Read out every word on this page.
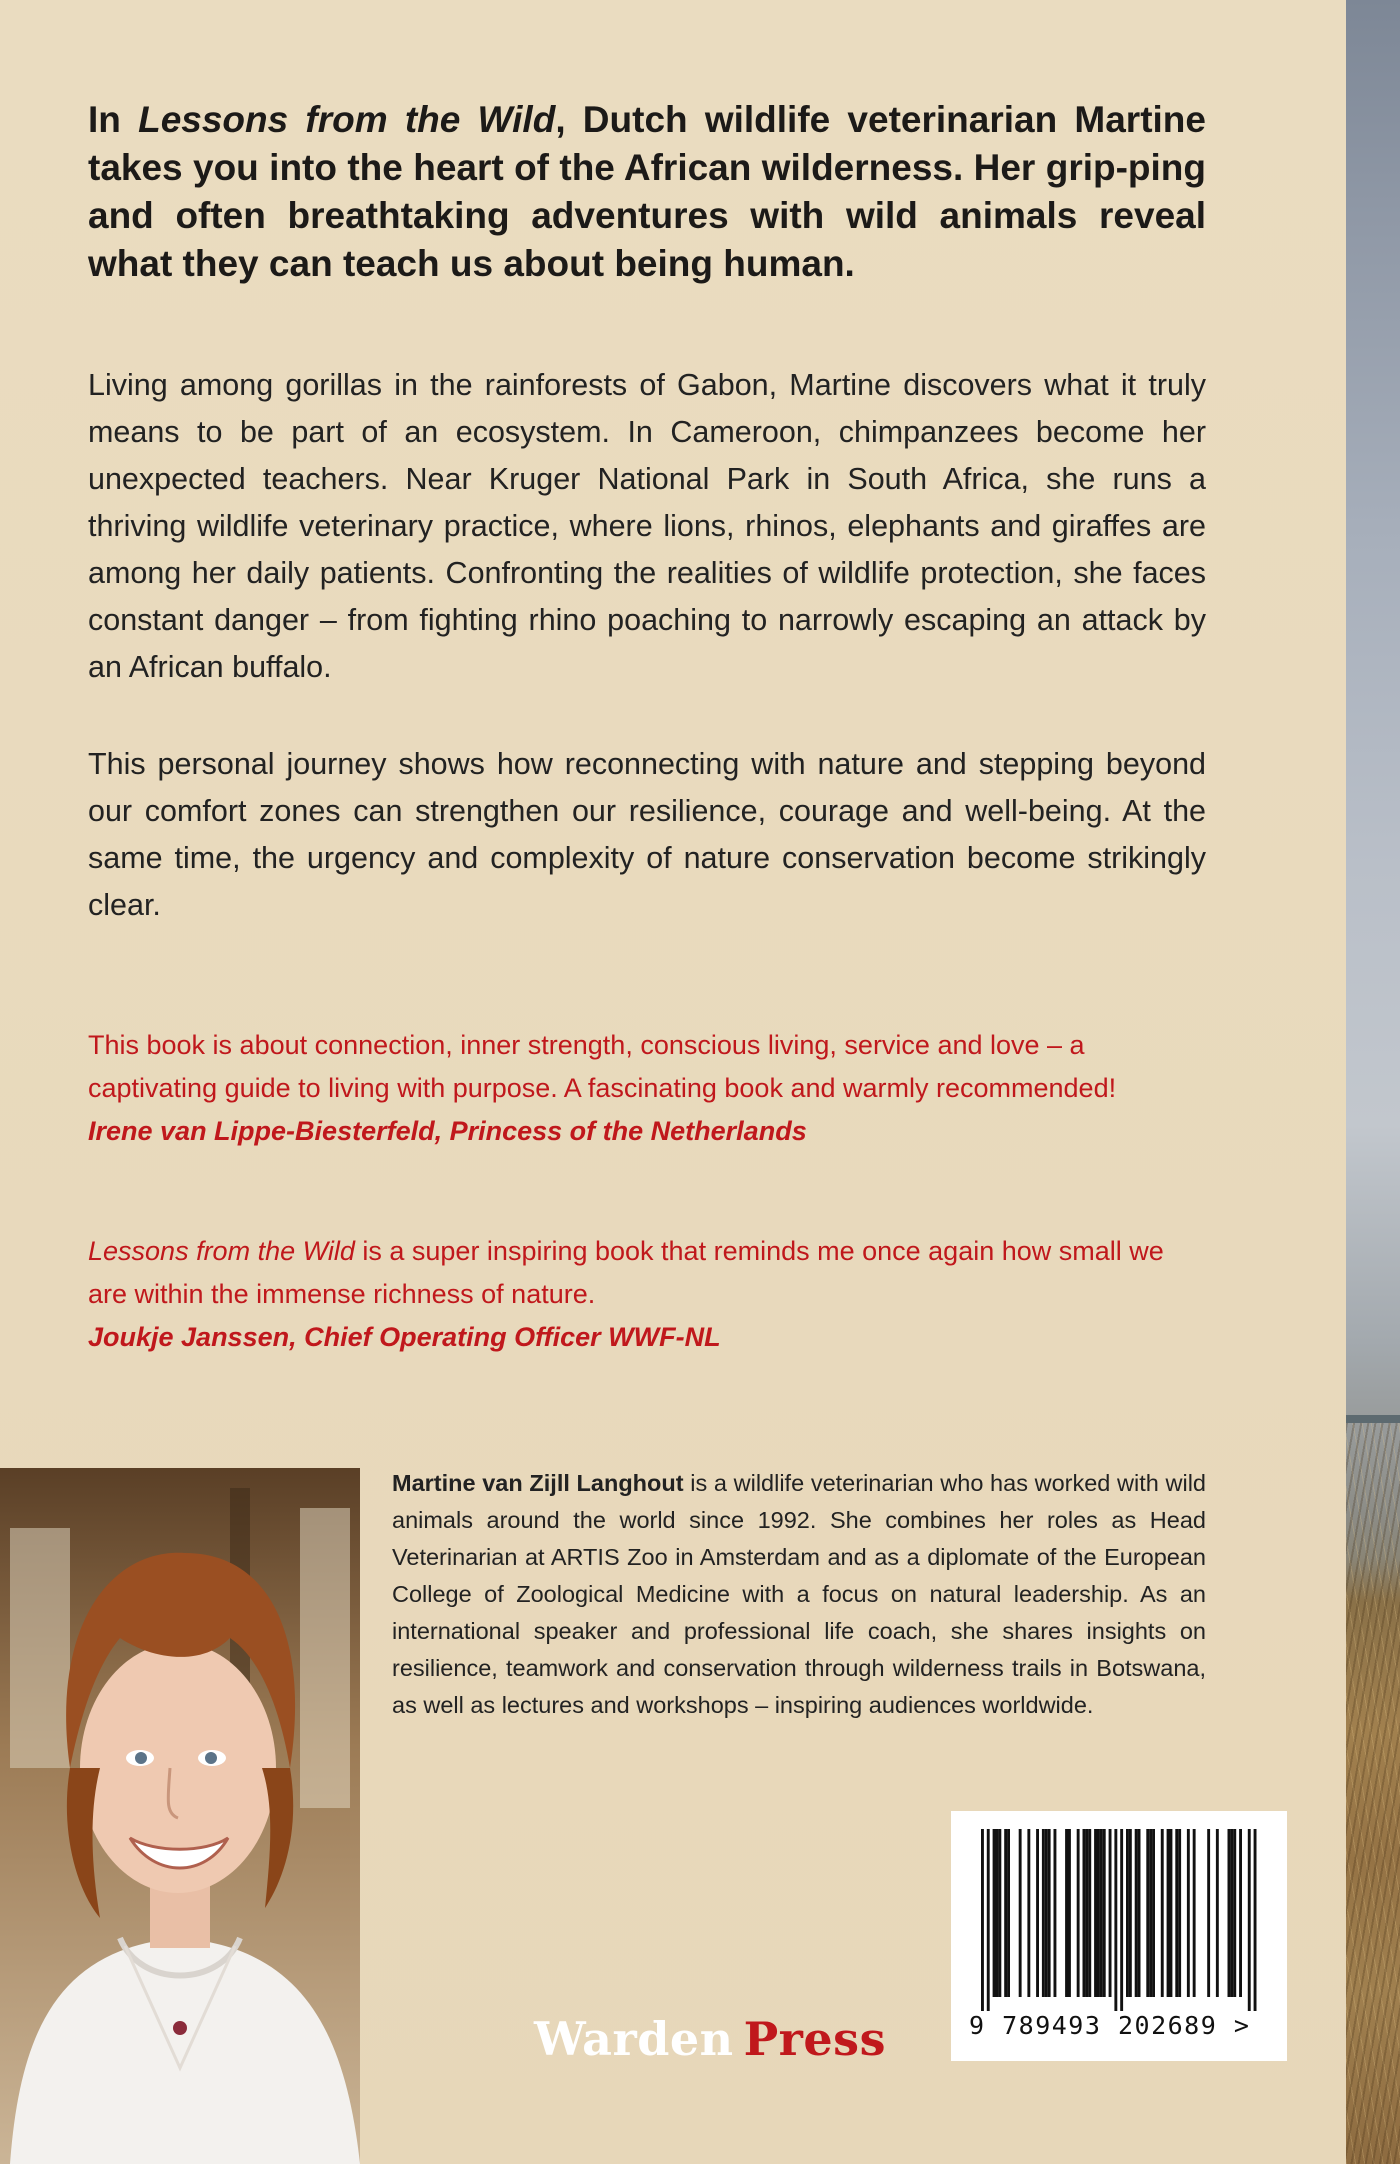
In Lessons from the Wild, Dutch wildlife veterinarian Martine takes you into the heart of the African wilderness. Her grip-ping and often breathtaking adventures with wild animals reveal what they can teach us about being human.
Living among gorillas in the rainforests of Gabon, Martine discovers what it truly means to be part of an ecosystem. In Cameroon, chimpanzees become her unexpected teachers. Near Kruger National Park in South Africa, she runs a thriving wildlife veterinary practice, where lions, rhinos, elephants and giraffes are among her daily patients. Confronting the realities of wildlife protection, she faces constant danger – from fighting rhino poaching to narrowly escaping an attack by an African buffalo.
This personal journey shows how reconnecting with nature and stepping beyond our comfort zones can strengthen our resilience, courage and well-being. At the same time, the urgency and complexity of nature conservation become strikingly clear.
This book is about connection, inner strength, conscious living, service and love – a captivating guide to living with purpose. A fascinating book and warmly recommended!
Irene van Lippe-Biesterfeld, Princess of the Netherlands
Lessons from the Wild is a super inspiring book that reminds me once again how small we are within the immense richness of nature.
Joukje Janssen, Chief Operating Officer WWF-NL
Martine van Zijll Langhout is a wildlife veterinarian who has worked with wild animals around the world since 1992. She combines her roles as Head Veterinarian at ARTIS Zoo in Amsterdam and as a diplomate of the European College of Zoological Medicine with a focus on natural leadership. As an international speaker and professional life coach, she shares insights on resilience, teamwork and conservation through wilderness trails in Botswana, as well as lectures and workshops – inspiring audiences worldwide.
9 789493 202689 >
Warden Press
